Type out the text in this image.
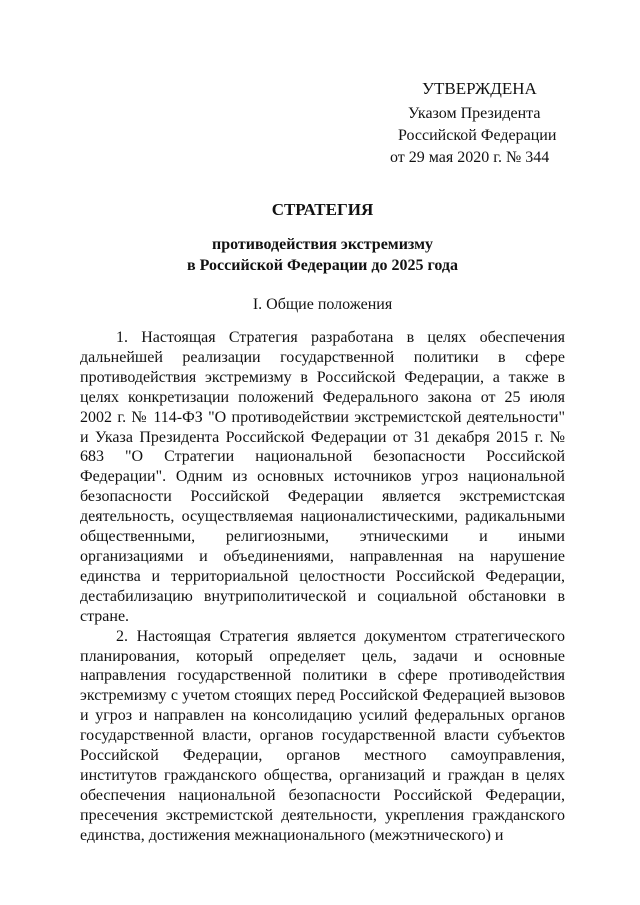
УТВЕРЖДЕНА
Указом Президента
Российской Федерации
от 29 мая 2020 г. № 344
СТРАТЕГИЯ
противодействия экстремизму
в Российской Федерации до 2025 года
I. Общие положения

1. Настоящая Стратегия разработана в целях обеспечения дальнейшей реализации государственной политики в сфере противодействия экстремизму в Российской Федерации, а также в целях конкретизации положений Федерального закона от 25 июля 2002 г. № 114-ФЗ "О противодействии экстремистской деятельности" и Указа Президента Российской Федерации от 31 декабря 2015 г. № 683 "О Стратегии национальной безопасности Российской Федерации". Одним из основных источников угроз национальной безопасности Российской Федерации является экстремистская деятельность, осуществляемая националистическими, радикальными общественными, религиозными, этническими и иными организациями и объединениями, направленная на нарушение единства и территориальной целостности Российской Федерации, дестабилизацию внутриполитической и социальной обстановки в стране.

2. Настоящая Стратегия является документом стратегического планирования, который определяет цель, задачи и основные направления государственной политики в сфере противодействия экстремизму с учетом стоящих перед Российской Федерацией вызовов и угроз и направлен на консолидацию усилий федеральных органов государственной власти, органов государственной власти субъектов Российской Федерации, органов местного самоуправления, институтов гражданского общества, организаций и граждан в целях обеспечения национальной безопасности Российской Федерации, пресечения экстремистской деятельности, укрепления гражданского единства, достижения межнационального (межэтнического) и
